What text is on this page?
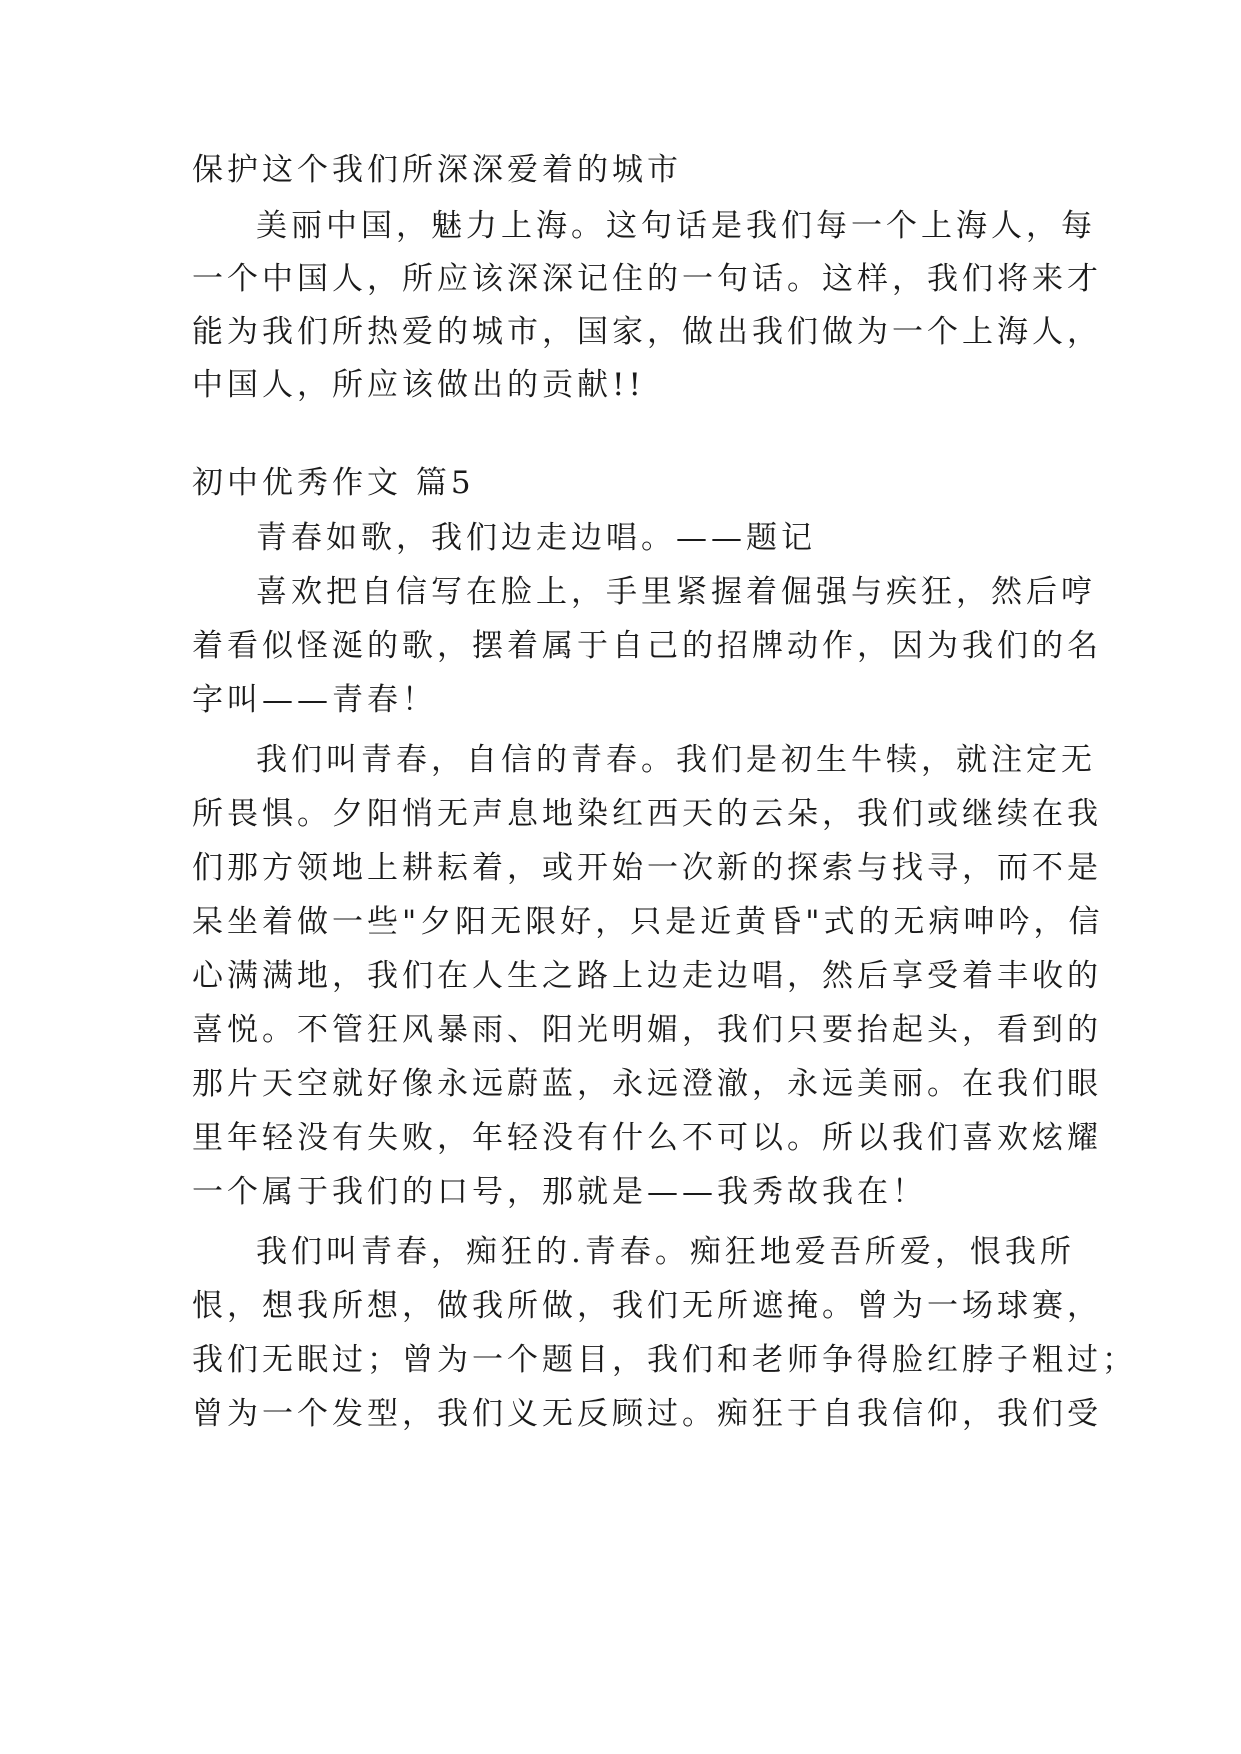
保护这个我们所深深爱着的城市
美丽中国，魅力上海。这句话是我们每一个上海人，每
一个中国人，所应该深深记住的一句话。这样，我们将来才
能为我们所热爱的城市，国家，做出我们做为一个上海人，
中国人，所应该做出的贡献!!
初中优秀作文 篇5
青春如歌，我们边走边唱。——题记
喜欢把自信写在脸上，手里紧握着倔强与疾狂，然后哼
着看似怪涎的歌，摆着属于自己的招牌动作，因为我们的名
字叫——青春！
我们叫青春，自信的青春。我们是初生牛犊，就注定无
所畏惧。夕阳悄无声息地染红西天的云朵，我们或继续在我
们那方领地上耕耘着，或开始一次新的探索与找寻，而不是
呆坐着做一些"夕阳无限好，只是近黄昏"式的无病呻吟，信
心满满地，我们在人生之路上边走边唱，然后享受着丰收的
喜悦。不管狂风暴雨、阳光明媚，我们只要抬起头，看到的
那片天空就好像永远蔚蓝，永远澄澈，永远美丽。在我们眼
里年轻没有失败，年轻没有什么不可以。所以我们喜欢炫耀
一个属于我们的口号，那就是——我秀故我在！
我们叫青春，痴狂的.青春。痴狂地爱吾所爱，恨我所
恨，想我所想，做我所做，我们无所遮掩。曾为一场球赛，
我们无眠过；曾为一个题目，我们和老师争得脸红脖子粗过；
曾为一个发型，我们义无反顾过。痴狂于自我信仰，我们受
